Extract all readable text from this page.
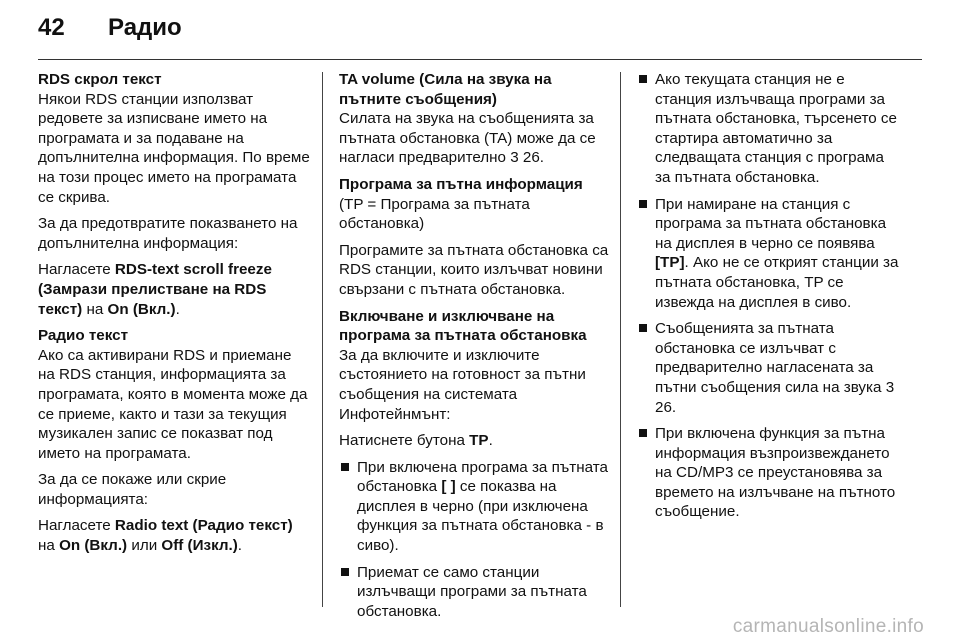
42	Радио

RDS скрол текст
Някои RDS станции използват редовете за изписване името на програмата и за подаване на допълнителна информация. По време на този процес името на програмата се скрива.

За да предотвратите показването на допълнителна информация:

Нагласете RDS-text scroll freeze (Замрази прелистване на RDS текст) на On (Вкл.).

Радио текст
Ако са активирани RDS и приемане на RDS станция, информацията за програмата, която в момента може да се приеме, както и тази за текущия музикален запис се показват под името на програмата.

За да се покаже или скрие информацията:

Нагласете Radio text (Радио текст) на On (Вкл.) или Off (Изкл.).

TA volume (Сила на звука на пътните съобщения)
Силата на звука на съобщенията за пътната обстановка (TA) може да се нагласи предварително 3 26.

Програма за пътна информация
(TP = Програма за пътната обстановка)

Програмите за пътната обстановка са RDS станции, които излъчват новини свързани с пътната обстановка.

Включване и изключване на програма за пътната обстановка
За да включите и изключите състоянието на готовност за пътни съобщения на системата Инфотейнмънт:

Натиснете бутона TP.

При включена програма за пътната обстановка [ ] се показва на дисплея в черно (при изключена функция за пътната обстановка - в сиво).
Приемат се само станции излъчващи програми за пътната обстановка.
Ако текущата станция не е станция излъчваща програми за пътната обстановка, търсенето се стартира автоматично за следващата станция с програма за пътната обстановка.
При намиране на станция с програма за пътната обстановка на дисплея в черно се появява [TP]. Ако не се открият станции за пътната обстановка, TP се извежда на дисплея в сиво.
Съобщенията за пътната обстановка се излъчват с предварително нагласената за пътни съобщения сила на звука 3 26.
При включена функция за пътна информация възпроизвеждането на CD/MP3 се преустановява за времето на излъчване на пътното съобщение.
carmanualsonline.info
